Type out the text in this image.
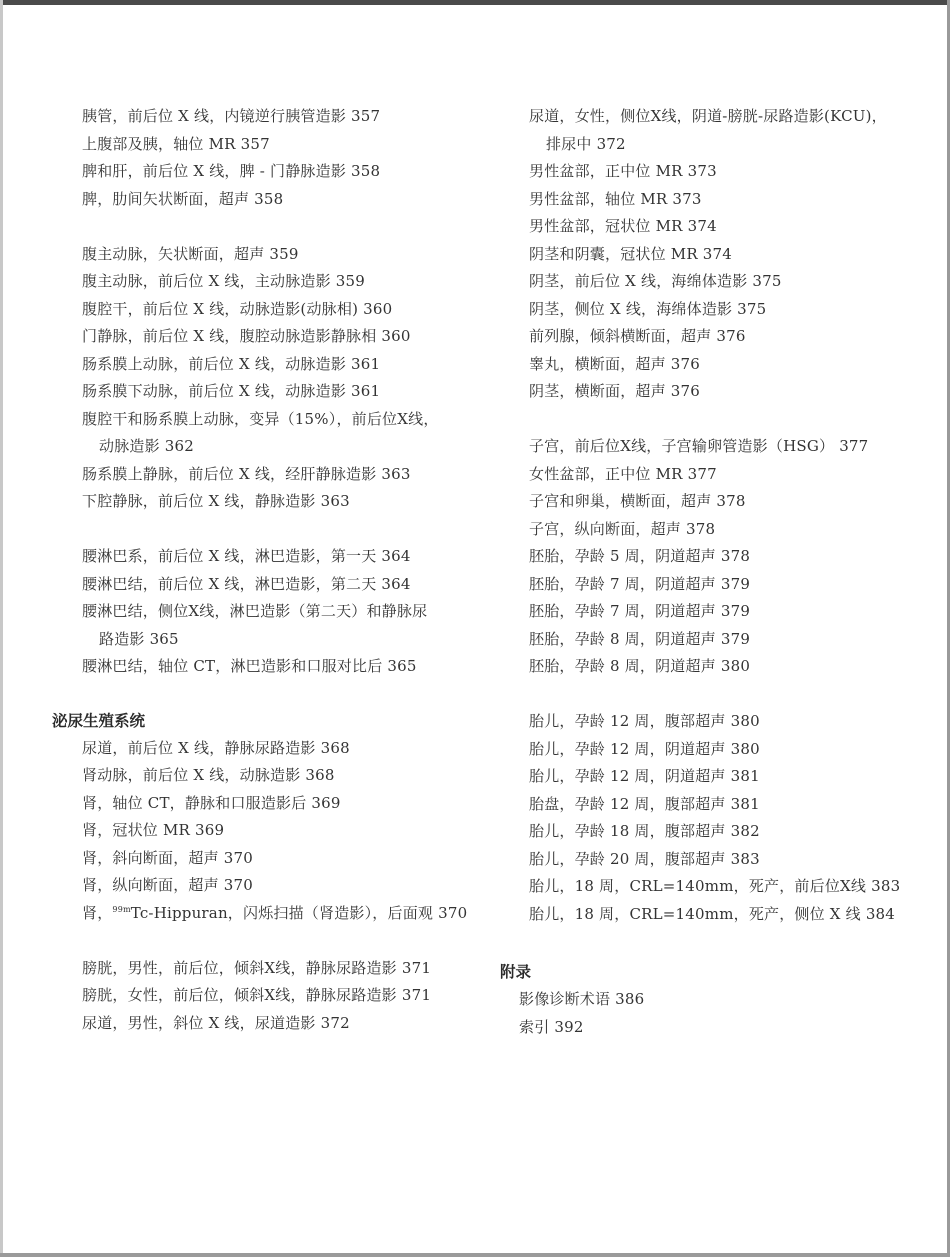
胰管，前后位 X 线，内镜逆行胰管造影 357
上腹部及胰，轴位 MR 357
脾和肝，前后位 X 线，脾 - 门静脉造影 358
脾，肋间矢状断面，超声 358
腹主动脉，矢状断面，超声 359
腹主动脉，前后位 X 线，主动脉造影 359
腹腔干，前后位 X 线，动脉造影(动脉相) 360
门静脉，前后位 X 线，腹腔动脉造影静脉相 360
肠系膜上动脉，前后位 X 线，动脉造影 361
肠系膜下动脉，前后位 X 线，动脉造影 361
腹腔干和肠系膜上动脉，变异（15%），前后位X线，
动脉造影 362
肠系膜上静脉，前后位 X 线，经肝静脉造影 363
下腔静脉，前后位 X 线，静脉造影 363
腰淋巴系，前后位 X 线，淋巴造影，第一天 364
腰淋巴结，前后位 X 线，淋巴造影，第二天 364
腰淋巴结，侧位X线，淋巴造影（第二天）和静脉尿
路造影 365
腰淋巴结，轴位 CT，淋巴造影和口服对比后 365
泌尿生殖系统
尿道，前后位 X 线，静脉尿路造影 368
肾动脉，前后位 X 线，动脉造影 368
肾，轴位 CT，静脉和口服造影后 369
肾，冠状位 MR 369
肾，斜向断面，超声 370
肾，纵向断面，超声 370
肾，$^{99m}$Tc-Hippuran，闪烁扫描（肾造影），后面观 370
膀胱，男性，前后位，倾斜X线，静脉尿路造影 371
膀胱，女性，前后位，倾斜X线，静脉尿路造影 371
尿道，男性，斜位 X 线，尿道造影 372
尿道，女性，侧位X线，阴道-膀胱-尿路造影(KCU)，
排尿中 372
男性盆部，正中位 MR 373
男性盆部，轴位 MR 373
男性盆部，冠状位 MR 374
阴茎和阴囊，冠状位 MR 374
阴茎，前后位 X 线，海绵体造影 375
阴茎，侧位 X 线，海绵体造影 375
前列腺，倾斜横断面，超声 376
睾丸，横断面，超声 376
阴茎，横断面，超声 376
子宫，前后位X线，子宫输卵管造影（HSG） 377
女性盆部，正中位 MR 377
子宫和卵巢，横断面，超声 378
子宫，纵向断面，超声 378
胚胎，孕龄 5 周，阴道超声 378
胚胎，孕龄 7 周，阴道超声 379
胚胎，孕龄 7 周，阴道超声 379
胚胎，孕龄 8 周，阴道超声 379
胚胎，孕龄 8 周，阴道超声 380
胎儿，孕龄 12 周，腹部超声 380
胎儿，孕龄 12 周，阴道超声 380
胎儿，孕龄 12 周，阴道超声 381
胎盘，孕龄 12 周，腹部超声 381
胎儿，孕龄 18 周，腹部超声 382
胎儿，孕龄 20 周，腹部超声 383
胎儿，18 周，CRL=140mm，死产，前后位X线 383
胎儿，18 周，CRL=140mm，死产，侧位 X 线 384
附录
影像诊断术语 386
索引 392
